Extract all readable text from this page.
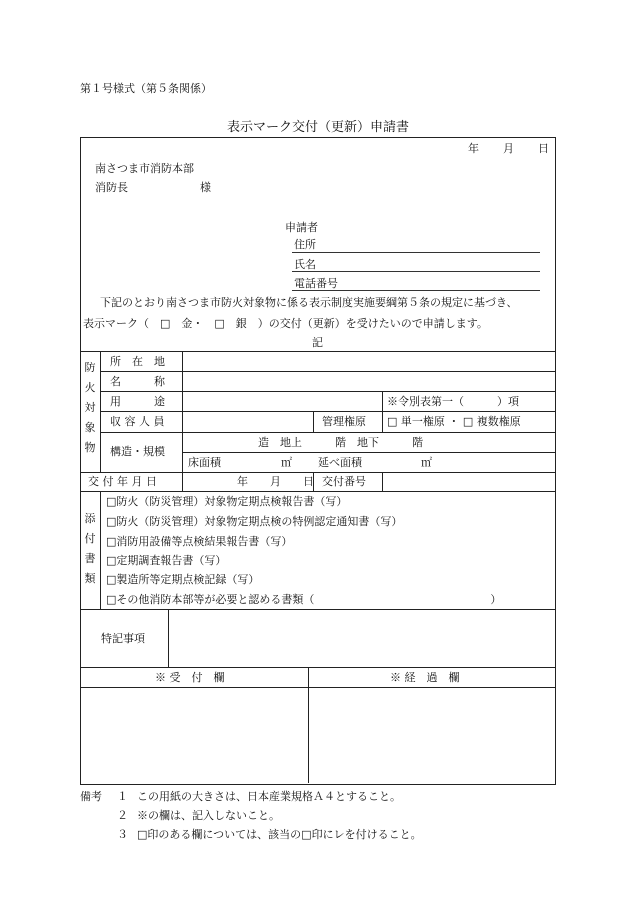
第１号様式（第５条関係）
表示マーク交付（更新）申請書
年 月 日
南さつま市消防本部
消防長	様
申請者
住所
氏名
電話番号
下記のとおり南さつま市防火対象物に係る表示制度実施要綱第５条の規定に基づき、
表示マーク（　□　金・　□　銀　）の交付（更新）を受けたいので申請します。
記
防
火
対
象
物
所　在　地
名　　　称
用　　　途	※令別表第一（　　　）項
収 容 人 員	管理権原 □ 単一権原 ・ □ 複数権原
構造・規模
造　地上　　　階　地下　　　階
床面積	㎡ 延べ面積	㎡
交 付 年 月 日	年　　月　　日 交付番号
添
付
書
類
□防火（防災管理）対象物定期点検報告書（写）
□防火（防災管理）対象物定期点検の特例認定通知書（写）
□消防用設備等点検結果報告書（写）
□定期調査報告書（写）
□製造所等定期点検記録（写）
□その他消防本部等が必要と認める書類（　　　　　　　　　　　　　　　　）
特記事項
※ 受　付　欄	※ 経　過　欄
備考 １ この用紙の大きさは、日本産業規格Ａ４とすること。
２ ※の欄は、記入しないこと。
３ □印のある欄については、該当の□印にレを付けること。
